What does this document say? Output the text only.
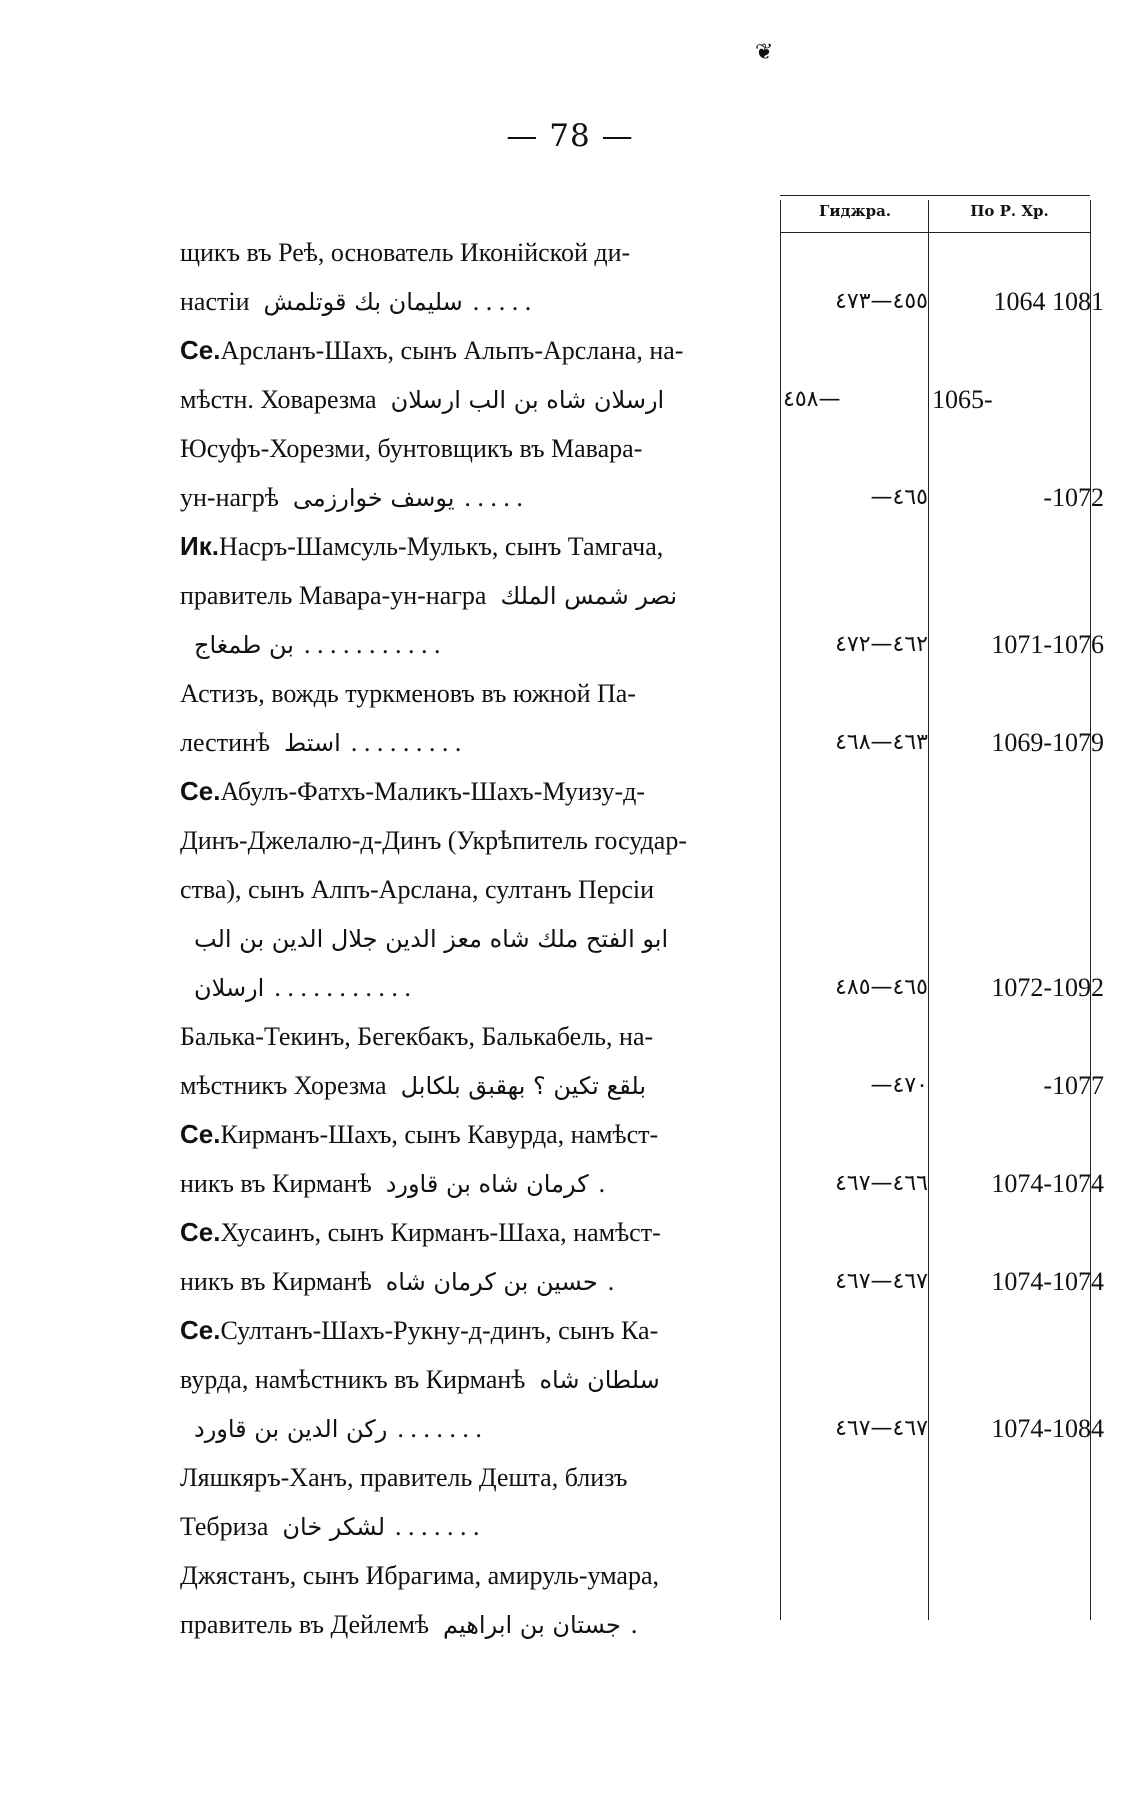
❦
— 78 —
Гиджра.	По Р. Хр.
щикъ въ Реѣ, основатель Иконійской ди-
настіи سليمان بك قوتلمش . . . . .	٤٥٥—٤٧٣	1064 1081
Се.Арсланъ-Шахъ, сынъ Альпъ-Арслана, на-
мѣстн. Ховарезма ارسلان شاه بن الب ارسلان	٤٥٨—	1065-
Юсуфъ-Хорезми, бунтовщикъ въ Мавара-
ун-нагрѣ يوسف خوارزمى . . . . .	—٤٦٥	-1072
Ик.Насръ-Шамсуль-Мулькъ, сынъ Тамгача,
правитель Мавара-ун-награ نصر شمس الملك
بن طمغاج . . . . . . . . . . .	٤٦٢—٤٧٢	1071-1076
Астизъ, вождь туркменовъ въ южной Па-
лестинѣ استط . . . . . . . . .	٤٦٣—٤٦٨	1069-1079
Се.Абулъ-Фатхъ-Маликъ-Шахъ-Муизу-д-
Динъ-Джелалю-д-Динъ (Укрѣпитель государ-
ства), сынъ Алпъ-Арслана, султанъ Персіи
ابو الفتح ملك شاه معز الدين جلال الدين بن الب
ارسلان . . . . . . . . . . .	٤٦٥—٤٨٥	1072-1092
Балька-Текинъ, Бегекбакъ, Балькабель, на-
мѣстникъ Хорезма بلقع تكين ؟ بهقبق بلكابل	—٤٧٠	-1077
Се.Кирманъ-Шахъ, сынъ Кавурда, намѣст-
никъ въ Кирманѣ كرمان شاه بن قاورد .	٤٦٦—٤٦٧	1074-1074
Се.Хусаинъ, сынъ Кирманъ-Шаха, намѣст-
никъ въ Кирманѣ حسين بن كرمان شاه .	٤٦٧—٤٦٧	1074-1074
Се.Султанъ-Шахъ-Рукну-д-динъ, сынъ Ка-
вурда, намѣстникъ въ Кирманѣ سلطان شاه
ركن الدين بن قاورد . . . . . . .	٤٦٧—٤٦٧	1074-1084
Ляшкяръ-Ханъ, правитель Дешта, близъ
Тебриза لشكر خان . . . . . . .
Джястанъ, сынъ Ибрагима, амируль-умара,
правитель въ Дейлемѣ جستان بن ابراهيم .
